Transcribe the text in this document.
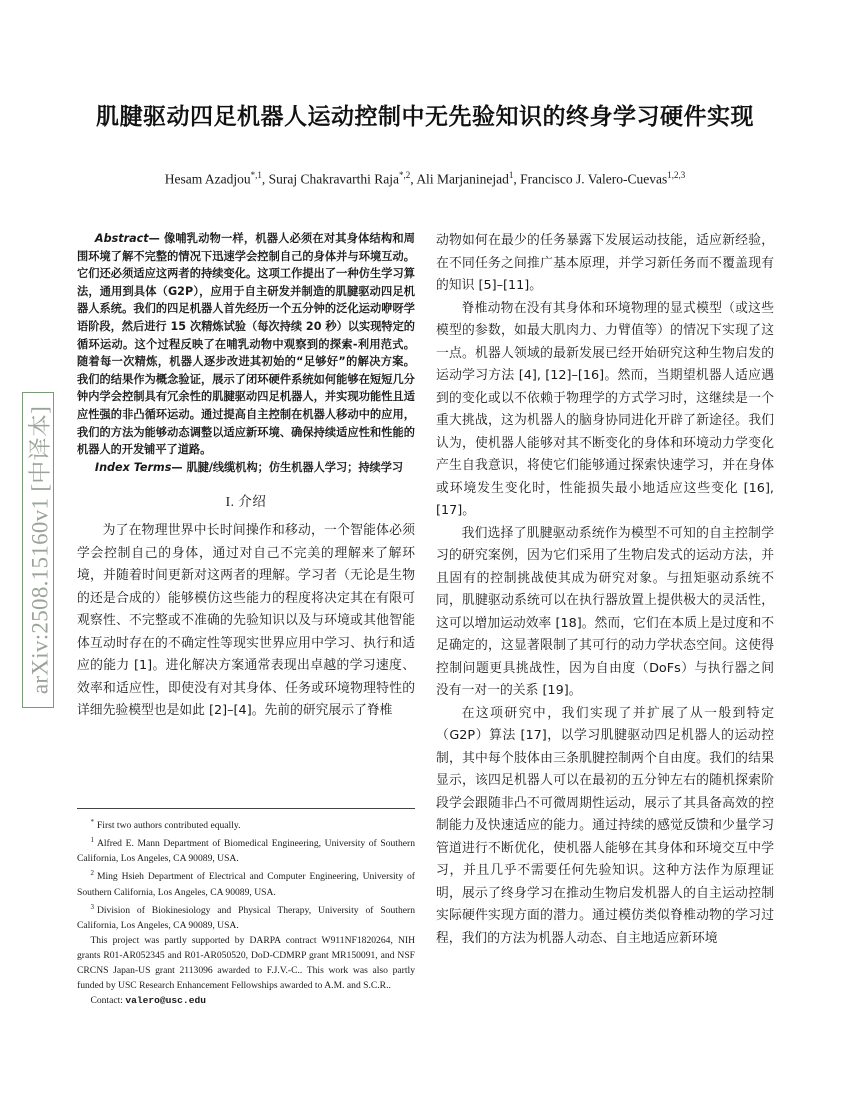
arXiv:2508.15160v1 [中译本]
肌腱驱动四足机器人运动控制中无先验知识的终身学习硬件实现

Hesam Azadjou$^{*,1}$, Suraj Chakravarthi Raja$^{*,2}$, Ali Marjaninejad$^1$, Francisco J. Valero-Cuevas$^{1,2,3}$

Abstract— 像哺乳动物一样，机器人必须在对其身体结构和周围环境了解不完整的情况下迅速学会控制自己的身体并与环境互动。它们还必须适应这两者的持续变化。这项工作提出了一种仿生学习算法，通用到具体（G2P），应用于自主研发并制造的肌腱驱动四足机器人系统。我们的四足机器人首先经历一个五分钟的泛化运动咿呀学语阶段，然后进行 15 次精炼试验（每次持续 20 秒）以实现特定的循环运动。这个过程反映了在哺乳动物中观察到的探索-利用范式。随着每一次精炼，机器人逐步改进其初始的“足够好”的解决方案。我们的结果作为概念验证，展示了闭环硬件系统如何能够在短短几分钟内学会控制具有冗余性的肌腱驱动四足机器人，并实现功能性且适应性强的非凸循环运动。通过提高自主控制在机器人移动中的应用，我们的方法为能够动态调整以适应新环境、确保持续适应性和性能的机器人的开发铺平了道路。

Index Terms— 肌腱/线缆机构；仿生机器人学习；持续学习

I. 介绍

为了在物理世界中长时间操作和移动，一个智能体必须学会控制自己的身体，通过对自己不完美的理解来了解环境，并随着时间更新对这两者的理解。学习者（无论是生物的还是合成的）能够模仿这些能力的程度将决定其在有限可观察性、不完整或不准确的先验知识以及与环境或其他智能体互动时存在的不确定性等现实世界应用中学习、执行和适应的能力 [1]。进化解决方案通常表现出卓越的学习速度、效率和适应性，即使没有对其身体、任务或环境物理特性的详细先验模型也是如此 [2]–[4]。先前的研究展示了脊椎

* First two authors contributed equally.

$^1$ Alfred E. Mann Department of Biomedical Engineering, University of Southern California, Los Angeles, CA 90089, USA.

$^2$ Ming Hsieh Department of Electrical and Computer Engineering, University of Southern California, Los Angeles, CA 90089, USA.

$^3$ Division of Biokinesiology and Physical Therapy, University of Southern California, Los Angeles, CA 90089, USA.

This project was partly supported by DARPA contract W911NF1820264, NIH grants R01-AR052345 and R01-AR050520, DoD-CDMRP grant MR150091, and NSF CRCNS Japan-US grant 2113096 awarded to F.J.V.-C.. This work was also partly funded by USC Research Enhancement Fellowships awarded to A.M. and S.C.R..

Contact: valero@usc.edu

动物如何在最少的任务暴露下发展运动技能，适应新经验，在不同任务之间推广基本原理，并学习新任务而不覆盖现有的知识 [5]–[11]。

脊椎动物在没有其身体和环境物理的显式模型（或这些模型的参数，如最大肌肉力、力臂值等）的情况下实现了这一点。机器人领域的最新发展已经开始研究这种生物启发的运动学习方法 [4], [12]–[16]。然而，当期望机器人适应遇到的变化或以不依赖于物理学的方式学习时，这继续是一个重大挑战，这为机器人的脑身协同进化开辟了新途径。我们认为，使机器人能够对其不断变化的身体和环境动力学变化产生自我意识，将使它们能够通过探索快速学习，并在身体或环境发生变化时，性能损失最小地适应这些变化 [16], [17]。

我们选择了肌腱驱动系统作为模型不可知的自主控制学习的研究案例，因为它们采用了生物启发式的运动方法，并且固有的控制挑战使其成为研究对象。与扭矩驱动系统不同，肌腱驱动系统可以在执行器放置上提供极大的灵活性，这可以增加运动效率 [18]。然而，它们在本质上是过度和不足确定的，这显著限制了其可行的动力学状态空间。这使得控制问题更具挑战性，因为自由度（DoFs）与执行器之间没有一对一的关系 [19]。

在这项研究中，我们实现了并扩展了从一般到特定（G2P）算法 [17]，以学习肌腱驱动四足机器人的运动控制，其中每个肢体由三条肌腱控制两个自由度。我们的结果显示，该四足机器人可以在最初的五分钟左右的随机探索阶段学会跟随非凸不可微周期性运动，展示了其具备高效的控制能力及快速适应的能力。通过持续的感觉反馈和少量学习管道进行不断优化，使机器人能够在其身体和环境交互中学习，并且几乎不需要任何先验知识。这种方法作为原理证明，展示了终身学习在推动生物启发机器人的自主运动控制实际硬件实现方面的潜力。通过模仿类似脊椎动物的学习过程，我们的方法为机器人动态、自主地适应新环境
